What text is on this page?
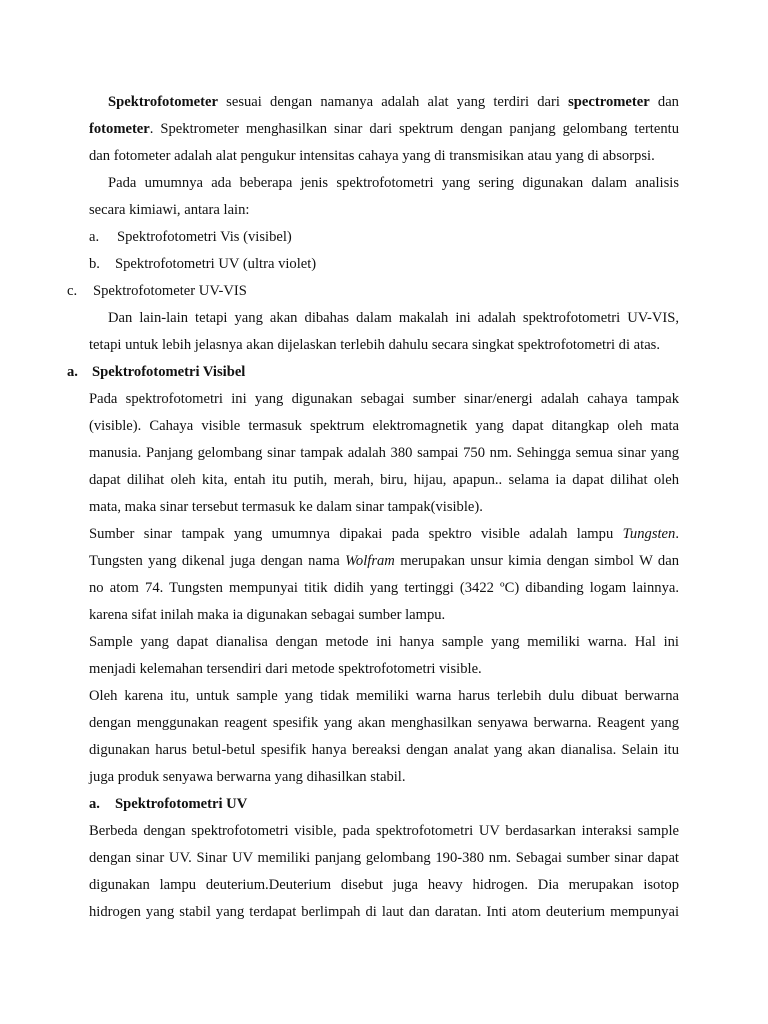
Spektrofotometer sesuai dengan namanya adalah alat yang terdiri dari spectrometer dan
fotometer. Spektrometer menghasilkan sinar dari spektrum dengan panjang gelombang tertentu
dan fotometer adalah alat pengukur intensitas cahaya yang di transmisikan atau yang di absorpsi.
Pada umumnya ada beberapa jenis spektrofotometri yang sering digunakan dalam analisis
secara kimiawi, antara lain:
a. Spektrofotometri Vis (visibel)
b. Spektrofotometri UV (ultra violet)
c. Spektrofotometer UV-VIS
Dan lain-lain tetapi yang akan dibahas dalam makalah ini adalah spektrofotometri UV-VIS,
tetapi untuk lebih jelasnya akan dijelaskan terlebih dahulu secara singkat spektrofotometri di atas.
a. Spektrofotometri Visibel
Pada spektrofotometri ini yang digunakan sebagai sumber sinar/energi adalah cahaya tampak
(visible). Cahaya visible termasuk spektrum elektromagnetik yang dapat ditangkap oleh mata
manusia. Panjang gelombang sinar tampak adalah 380 sampai 750 nm. Sehingga semua sinar yang
dapat dilihat oleh kita, entah itu putih, merah, biru, hijau, apapun.. selama ia dapat dilihat oleh
mata, maka sinar tersebut termasuk ke dalam sinar tampak(visible).
Sumber sinar tampak yang umumnya dipakai pada spektro visible adalah lampu Tungsten.
Tungsten yang dikenal juga dengan nama Wolfram merupakan unsur kimia dengan simbol W dan
no atom 74. Tungsten mempunyai titik didih yang tertinggi (3422 ºC) dibanding logam lainnya.
karena sifat inilah maka ia digunakan sebagai sumber lampu.
Sample yang dapat dianalisa dengan metode ini hanya sample yang memiliki warna. Hal ini
menjadi kelemahan tersendiri dari metode spektrofotometri visible.
Oleh karena itu, untuk sample yang tidak memiliki warna harus terlebih dulu dibuat berwarna
dengan menggunakan reagent spesifik yang akan menghasilkan senyawa berwarna. Reagent yang
digunakan harus betul-betul spesifik hanya bereaksi dengan analat yang akan dianalisa. Selain itu
juga produk senyawa berwarna yang dihasilkan stabil.
a. Spektrofotometri UV
Berbeda dengan spektrofotometri visible, pada spektrofotometri UV berdasarkan interaksi sample
dengan sinar UV. Sinar UV memiliki panjang gelombang 190-380 nm. Sebagai sumber sinar dapat
digunakan lampu deuterium.Deuterium disebut juga heavy hidrogen. Dia merupakan isotop
hidrogen yang stabil yang terdapat berlimpah di laut dan daratan. Inti atom deuterium mempunyai
